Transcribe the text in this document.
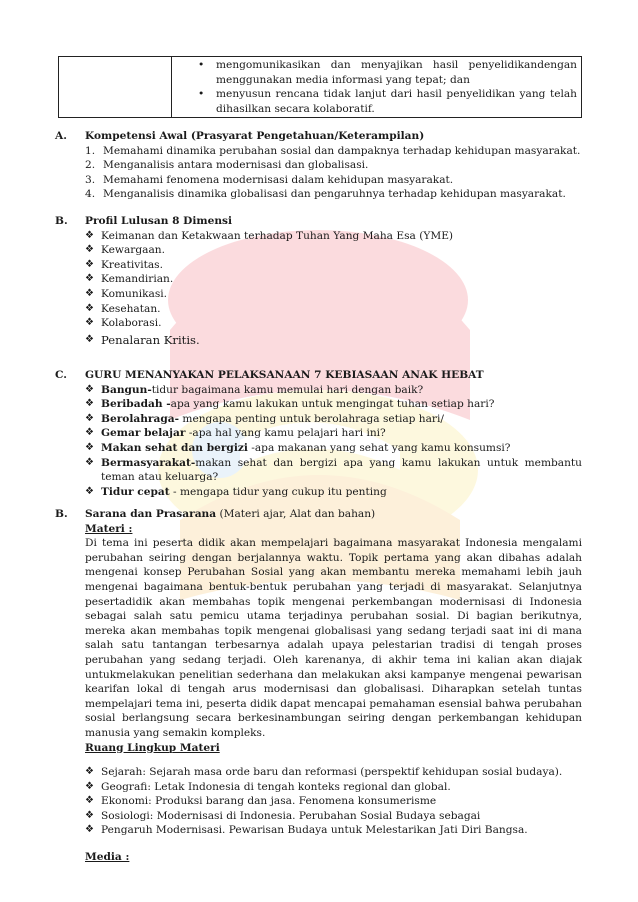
• mengomunikasikan dan menyajikan hasil penyelidikandengan menggunakan media informasi yang tepat; dan
• menyusun rencana tidak lanjut dari hasil penyelidikan yang telah dihasilkan secara kolaboratif.
A. Kompetensi Awal (Prasyarat Pengetahuan/Keterampilan)
1. Memahami dinamika perubahan sosial dan dampaknya terhadap kehidupan masyarakat.
2. Menganalisis antara modernisasi dan globalisasi.
3. Memahami fenomena modernisasi dalam kehidupan masyarakat.
4. Menganalisis dinamika globalisasi dan pengaruhnya terhadap kehidupan masyarakat.
B. Profil Lulusan 8 Dimensi
❖ Keimanan dan Ketakwaan terhadap Tuhan Yang Maha Esa (YME)
❖ Kewargaan.
❖ Kreativitas.
❖ Kemandirian.
❖ Komunikasi.
❖ Kesehatan.
❖ Kolaborasi.
❖ Penalaran Kritis.
C. GURU MENANYAKAN PELAKSANAAN 7 KEBIASAAN ANAK HEBAT
❖ Bangun-tidur bagaimana kamu memulai hari dengan baik?
❖ Beribadah -apa yang kamu lakukan untuk mengingat tuhan setiap hari?
❖ Berolahraga- mengapa penting untuk berolahraga setiap hari/
❖ Gemar belajar -apa hal yang kamu pelajari hari ini?
❖ Makan sehat dan bergizi -apa makanan yang sehat yang kamu konsumsi?
❖ Bermasyarakat-makan sehat dan bergizi apa yang kamu lakukan untuk membantu teman atau keluarga?
❖ Tidur cepat - mengapa tidur yang cukup itu penting
B. Sarana dan Prasarana (Materi ajar, Alat dan bahan)
Materi :
Di tema ini peserta didik akan mempelajari bagaimana masyarakat Indonesia mengalami perubahan seiring dengan berjalannya waktu. Topik pertama yang akan dibahas adalah mengenai konsep Perubahan Sosial yang akan membantu mereka memahami lebih jauh mengenai bagaimana bentuk-bentuk perubahan yang terjadi di masyarakat. Selanjutnya pesertadidik akan membahas topik mengenai perkembangan modernisasi di Indonesia sebagai salah satu pemicu utama terjadinya perubahan sosial. Di bagian berikutnya, mereka akan membahas topik mengenai globalisasi yang sedang terjadi saat ini di mana salah satu tantangan terbesarnya adalah upaya pelestarian tradisi di tengah proses perubahan yang sedang terjadi. Oleh karenanya, di akhir tema ini kalian akan diajak untukmelakukan penelitian sederhana dan melakukan aksi kampanye mengenai pewarisan kearifan lokal di tengah arus modernisasi dan globalisasi. Diharapkan setelah tuntas mempelajari tema ini, peserta didik dapat mencapai pemahaman esensial bahwa perubahan sosial berlangsung secara berkesinambungan seiring dengan perkembangan kehidupan manusia yang semakin kompleks.
Ruang Lingkup Materi
❖ Sejarah: Sejarah masa orde baru dan reformasi (perspektif kehidupan sosial budaya).
❖ Geografi: Letak Indonesia di tengah konteks regional dan global.
❖ Ekonomi: Produksi barang dan jasa. Fenomena konsumerisme
❖ Sosiologi: Modernisasi di Indonesia. Perubahan Sosial Budaya sebagai
❖ Pengaruh Modernisasi. Pewarisan Budaya untuk Melestarikan Jati Diri Bangsa.
Media :
